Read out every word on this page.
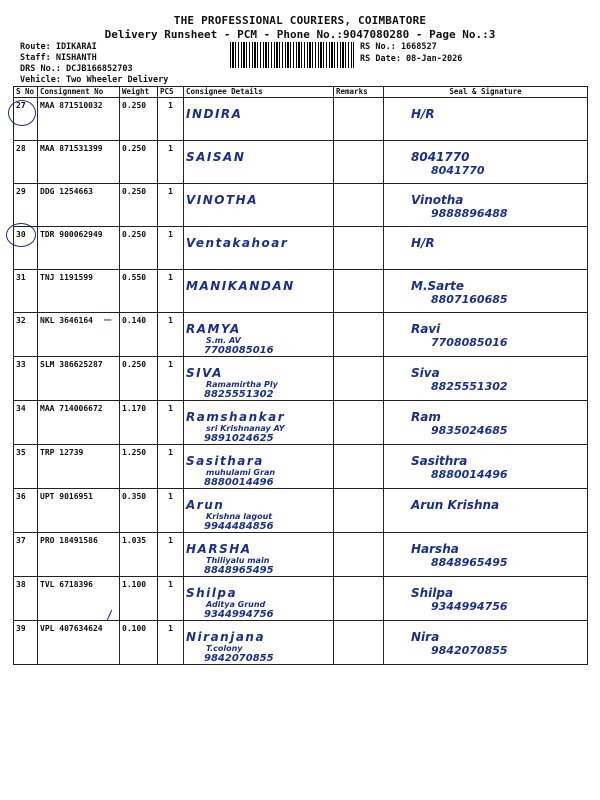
THE PROFESSIONAL COURIERS, COIMBATORE
Delivery Runsheet - PCM - Phone No.:9047080280 - Page No.:3
Route: IDIKARAI
Staff: NISHANTH
DRS No.: DCJB166852703
Vehicle: Two Wheeler Delivery
RS No.: 1668527
RS Date: 08-Jan-2026
S No	Consignment No	Weight	PCS	Consignee Details	Remarks	Seal & Signature
27	MAA 871510032	0.250	1	INDIRA		H/R

28	MAA 871531399	0.250	1	SAISAN		8041770
8041770

29	DDG 1254663	0.250	1	VINOTHA		Vinotha
9888896488

30	TDR 900062949	0.250	1	Ventakahoar		H/R

31	TNJ 1191599	0.550	1	MANIKANDAN		M.Sarte
8807160685

32	NKL 3646164	0.140	1	RAMYA
S.m. AV
7708085016		Ravi
7708085016

33	SLM 386625287	0.250	1	SIVA
Ramamirtha Ply
8825551302		Siva
8825551302

34	MAA 714006672	1.170	1	Ramshankar
sri Krishnanay AY
9891024625		Ram
9835024685

35	TRP 12739	1.250	1	Sasithara
muhulami Gran
8880014496		Sasithra
8880014496

36	UPT 9016951	0.350	1	Arun
Krishna lagout
9944484856		Arun Krishna

37	PRO 18491586	1.035	1	HARSHA
Thiliyalu main
8848965495		Harsha
8848965495

38	TVL 6718396	1.100	1	Shilpa
Aditya Grund
9344994756		Shilpa
9344994756

39	VPL 407634624	0.100	1	Niranjana
T.colony
9842070855		Nira
9842070855
─
/
